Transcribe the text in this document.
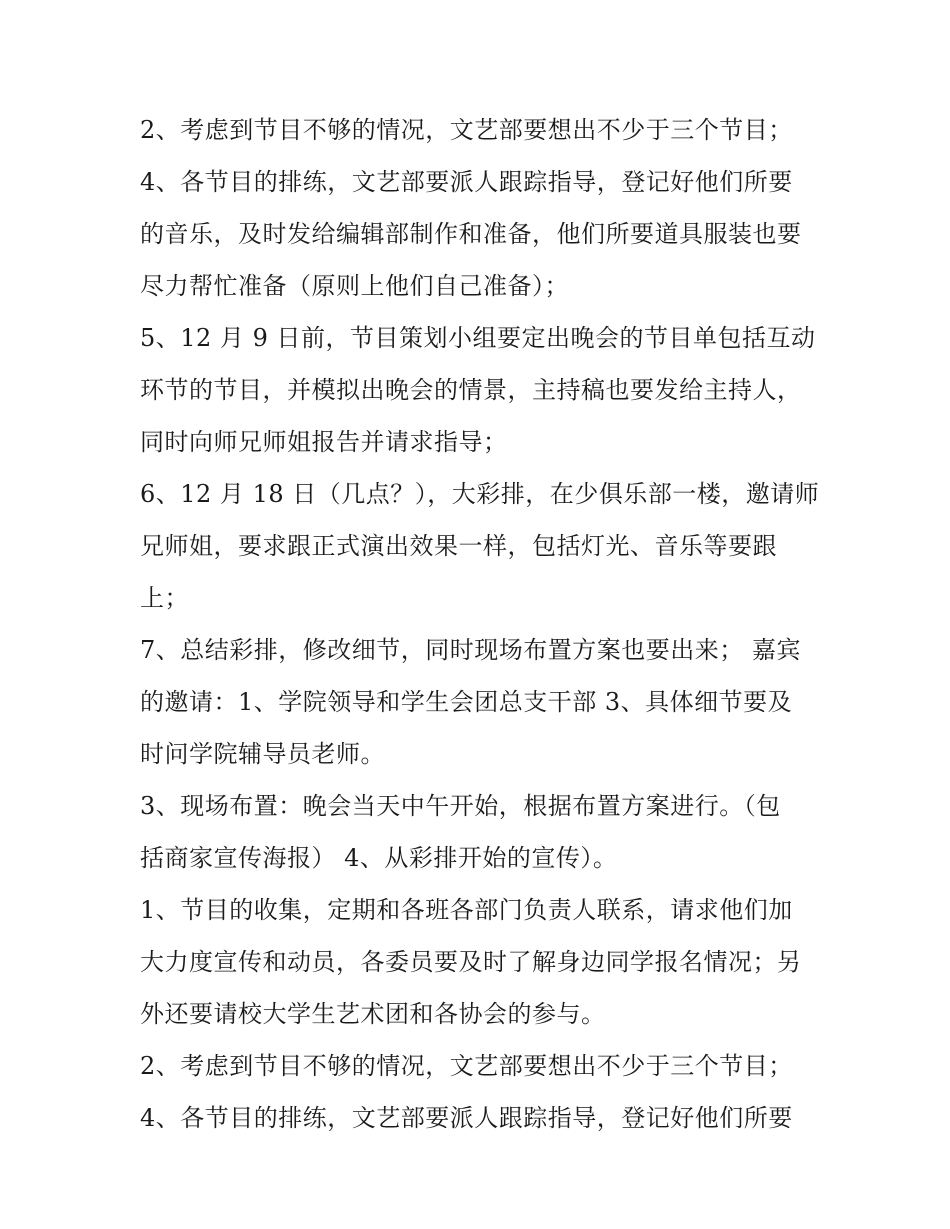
2、考虑到节目不够的情况，文艺部要想出不少于三个节目；
4、各节目的排练，文艺部要派人跟踪指导，登记好他们所要
的音乐，及时发给编辑部制作和准备，他们所要道具服装也要
尽力帮忙准备（原则上他们自己准备）；
5、12 月 9 日前，节目策划小组要定出晚会的节目单包括互动
环节的节目，并模拟出晚会的情景，主持稿也要发给主持人，
同时向师兄师姐报告并请求指导；
6、12 月 18 日（几点？），大彩排，在少俱乐部一楼，邀请师
兄师姐，要求跟正式演出效果一样，包括灯光、音乐等要跟
上；
7、总结彩排，修改细节，同时现场布置方案也要出来； 嘉宾
的邀请：1、学院领导和学生会团总支干部 3、具体细节要及
时问学院辅导员老师。
3、现场布置：晚会当天中午开始，根据布置方案进行。（包
括商家宣传海报） 4、从彩排开始的宣传）。
1、节目的收集，定期和各班各部门负责人联系，请求他们加
大力度宣传和动员，各委员要及时了解身边同学报名情况；另
外还要请校大学生艺术团和各协会的参与。
2、考虑到节目不够的情况，文艺部要想出不少于三个节目；
4、各节目的排练，文艺部要派人跟踪指导，登记好他们所要
